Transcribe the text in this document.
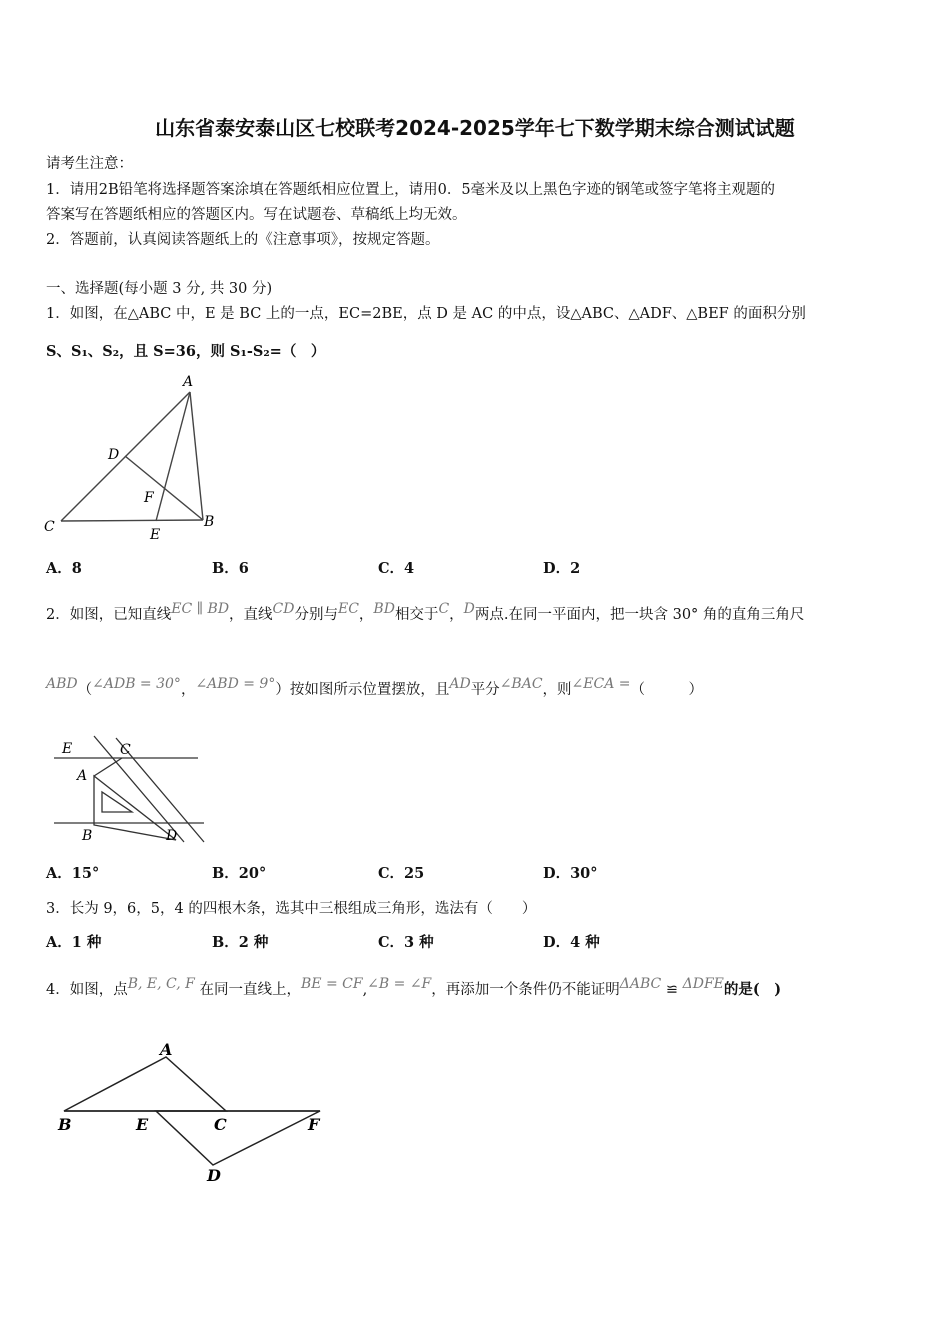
山东省泰安泰山区七校联考2024-2025学年七下数学期末综合测试试题
请考生注意：
1．请用2B铅笔将选择题答案涂填在答题纸相应位置上，请用0．5毫米及以上黑色字迹的钢笔或签字笔将主观题的
答案写在答题纸相应的答题区内。写在试题卷、草稿纸上均无效。
2．答题前，认真阅读答题纸上的《注意事项》，按规定答题。
一、选择题(每小题 3 分, 共 30 分)
1．如图，在△ABC 中，E 是 BC 上的一点，EC=2BE，点 D 是 AC 的中点，设△ABC、△ADF、△BEF 的面积分别
S、S₁、S₂，且 S=36，则 S₁-S₂=（　）
A
D
F
C	E
B
A．8	B．6	C．4	D．2
2．如图，已知直线EC ∥ BD，直线CD分别与EC，BD相交于C，D两点.在同一平面内，把一块含 30° 角的直角三角尺
ABD（∠ADB = 30°，∠ABD = 9°）按如图所示位置摆放，且AD平分∠BAC，则∠ECA =（　　　）
E	C
A
B	D
A．15°	B．20°	C．25	D．30°
3．长为 9，6，5，4 的四根木条，选其中三根组成三角形，选法有（　　）
A．1 种	B．2 种	C．3 种	D．4 种
4．如图，点B, E, C, F 在同一直线上，BE = CF,∠B = ∠F，再添加一个条件仍不能证明ΔABC ≌ ΔDFE的是(　)
A
B	E	C	F
D
